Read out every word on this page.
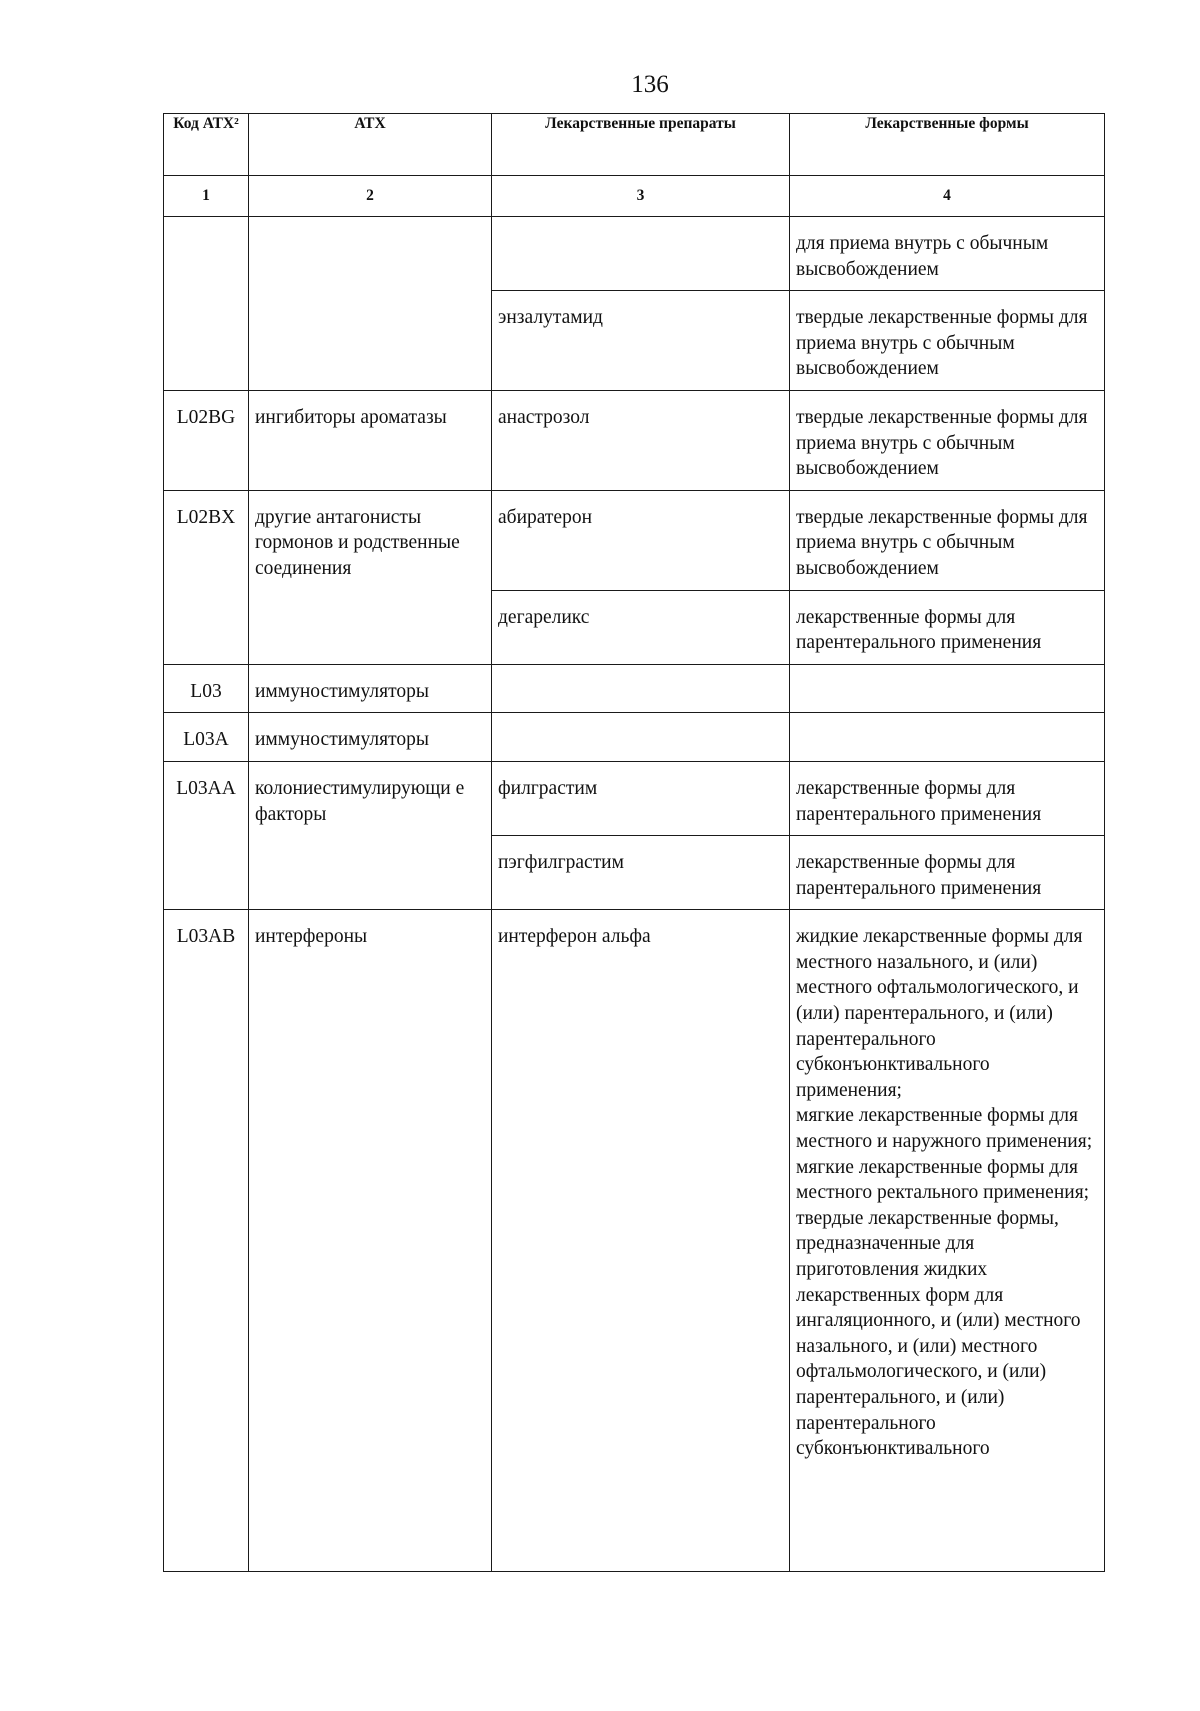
136
Код АТХ²	АТХ	Лекарственные препараты	Лекарственные формы
1	2	3	4

			для приема внутрь с обычным высвобождением

		энзалутамид	твердые лекарственные формы для приема внутрь с обычным высвобождением

L02BG	ингибиторы ароматазы	анастрозол	твердые лекарственные формы для приема внутрь с обычным высвобождением

L02BX	другие антагонисты гормонов и родственные соединения	абиратерон	твердые лекарственные формы для приема внутрь с обычным высвобождением

		дегареликс	лекарственные формы для парентерального применения

L03	иммуностимуляторы		

L03A	иммуностимуляторы		

L03AA	колониестимулирующи е факторы	филграстим	лекарственные формы для парентерального применения

		пэгфилграстим	лекарственные формы для парентерального применения

L03AB	интерфероны	интерферон альфа	жидкие лекарственные формы для местного назального, и (или) местного офтальмологического, и (или) парентерального, и (или) парентерального субконъюнктивального применения;
мягкие лекарственные формы для местного и наружного применения;
мягкие лекарственные формы для местного ректального применения;
твердые лекарственные формы, предназначенные для приготовления жидких лекарственных форм для ингаляционного, и (или) местного назального, и (или) местного офтальмологического, и (или) парентерального, и (или) парентерального субконъюнктивального
